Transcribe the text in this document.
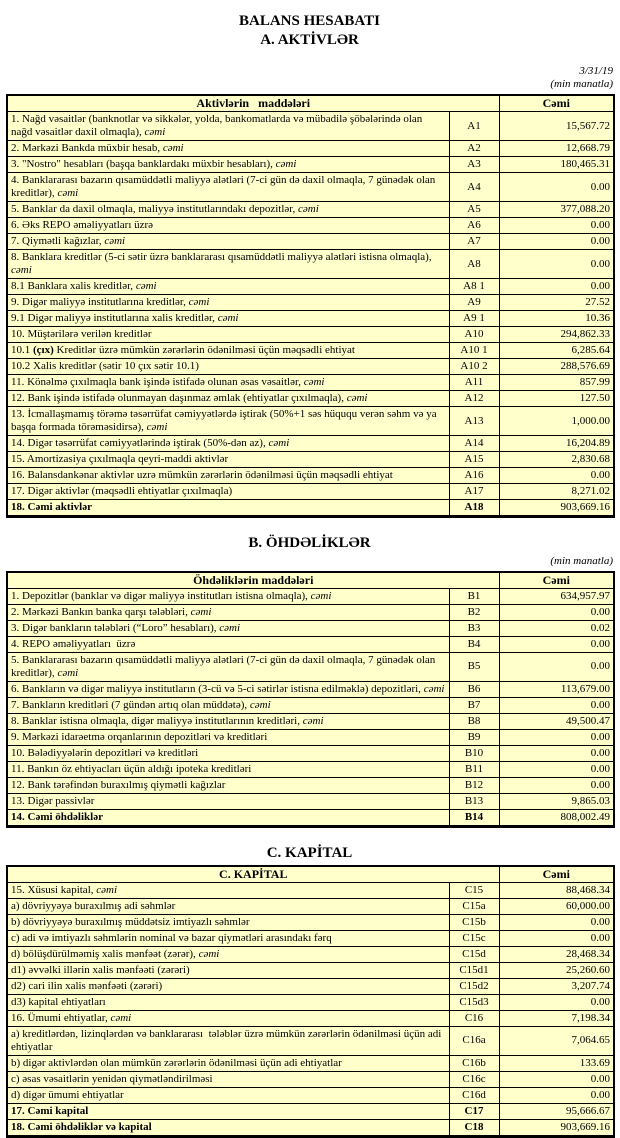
BALANS HESABATI
A. AKTİVLƏR
3/31/19
(min manatla)
Aktivlərin   maddələri		Cəmi
1. Nağd vəsaitlər (banknotlar və sikkələr, yolda, bankomatlarda və mübadilə şöbələrində olan nağd vəsaitlər daxil olmaqla), cəmi	A1	15,567.72
2. Mərkəzi Bankda müxbir hesab, cəmi	A2	12,668.79
3. "Nostro" hesabları (başqa banklardakı müxbir hesabları), cəmi	A3	180,465.31
4. Banklararası bazarın qısamüddətli maliyyə alətləri (7-ci gün də daxil olmaqla, 7 günədək olan kreditlər), cəmi	A4	0.00
5. Banklar da daxil olmaqla, maliyyə institutlarındakı depozitlər, cəmi	A5	377,088.20
6. Əks REPO əməliyyatları üzrə	A6	0.00
7. Qiymətli kağızlar, cəmi	A7	0.00
8. Banklara kreditlər (5-ci sətir üzrə banklararası qısamüddətli maliyyə alətləri istisna olmaqla), cəmi	A8	0.00
8.1 Banklara xalis kreditlər, cəmi	A8 1	0.00
9. Digər maliyyə institutlarına kreditlər, cəmi	A9	27.52
9.1 Digər maliyyə institutlarına xalis kreditlər, cəmi	A9 1	10.36
10. Müştərilərə verilən kreditlər	A10	294,862.33
10.1 (çıx) Kreditlər üzrə mümkün zərərlərin ödənilməsi üçün məqsədli ehtiyat	A10 1	6,285.64
10.2 Xalis kreditlər (sətir 10 çıx sətir 10.1)	A10 2	288,576.69
11. Könəlmə çıxılmaqla bank işində istifadə olunan əsas vəsaitlər, cəmi	A11	857.99
12. Bank işində istifadə olunmayan daşınmaz əmlak (ehtiyatlar çıxılmaqla), cəmi	A12	127.50
13. İcmallaşmamış törəmə təsərrüfat cəmiyyətlərdə iştirak (50%+1 səs hüququ verən səhm və ya başqa formada törəməsidirsə), cəmi	A13	1,000.00
14. Digər təsərrüfat cəmiyyətlərində iştirak (50%-dən az), cəmi	A14	16,204.89
15. Amortizasiya çıxılmaqla qeyri-maddi aktivlər	A15	2,830.68
16. Balansdankənar aktivlər uzrə mümkün zərərlərin ödənilməsi üçün məqsədli ehtiyat	A16	0.00
17. Digər aktivlər (məqsədli ehtiyatlar çıxılmaqla)	A17	8,271.02
18. Cəmi aktivlər	A18	903,669.16
B. ÖHDƏLİKLƏR
(min manatla)
Öhdəliklərin maddələri		Cəmi
1. Depozitlər (banklar və digər maliyyə institutları istisna olmaqla), cəmi	B1	634,957.97
2. Mərkəzi Bankın banka qarşı tələbləri, cəmi	B2	0.00
3. Digər bankların tələbləri (“Loro” hesabları), cəmi	B3	0.02
4. REPO əməliyyatları  üzrə	B4	0.00
5. Banklararası bazarın qısamüddətli maliyyə alətləri (7-ci gün də daxil olmaqla, 7 günədək olan kreditlər), cəmi	B5	0.00
6. Bankların və digər maliyyə institutların (3-cü və 5-ci sətirlər istisna edilməklə) depozitləri, cəmi	B6	113,679.00
7. Bankların kreditləri (7 gündən artıq olan müddətə), cəmi	B7	0.00
8. Banklar istisna olmaqla, digər maliyyə institutlarının kreditləri, cəmi	B8	49,500.47
9. Mərkəzi idarəetmə orqanlarının depozitləri və kreditləri	B9	0.00
10. Bələdiyyələrin depozitləri və kreditləri	B10	0.00
11. Bankın öz ehtiyacları üçün aldığı ipoteka kreditləri	B11	0.00
12. Bank tərəfindən buraxılmış qiymətli kağızlar	B12	0.00
13. Digər passivlər	B13	9,865.03
14. Cəmi öhdəliklər	B14	808,002.49
C. KAPİTAL
C. KAPİTAL		Cəmi
15. Xüsusi kapital, cəmi	C15	88,468.34
a) dövriyyəyə buraxılmış adi səhmlər	C15a	60,000.00
b) dövriyyəyə buraxılmış müddətsiz imtiyazlı səhmlər	C15b	0.00
c) adi və imtiyazlı səhmlərin nominal və bazar qiymətləri arasındakı fərq	C15c	0.00
d) bölüşdürülməmiş xalis mənfəət (zərər), cəmi	C15d	28,468.34
d1) əvvəlki illərin xalis mənfəəti (zərəri)	C15d1	25,260.60
d2) cari ilin xalis mənfəəti (zərəri)	C15d2	3,207.74
d3) kapital ehtiyatları	C15d3	0.00
16. Ümumi ehtiyatlar, cəmi	C16	7,198.34
a) kreditlərdən, lizinqlərdən və banklararası  tələblər üzrə mümkün zərərlərin ödənilməsi üçün adi ehtiyatlar	C16a	7,064.65
b) digər aktivlərdən olan mümkün zərərlərin ödənilməsi üçün adi ehtiyatlar	C16b	133.69
c) əsas vəsaitlərin yenidən qiymətləndirilməsi	C16c	0.00
d) digər ümumi ehtiyatlar	C16d	0.00
17. Cəmi kapital	C17	95,666.67
18. Cəmi öhdəliklər və kapital	C18	903,669.16
